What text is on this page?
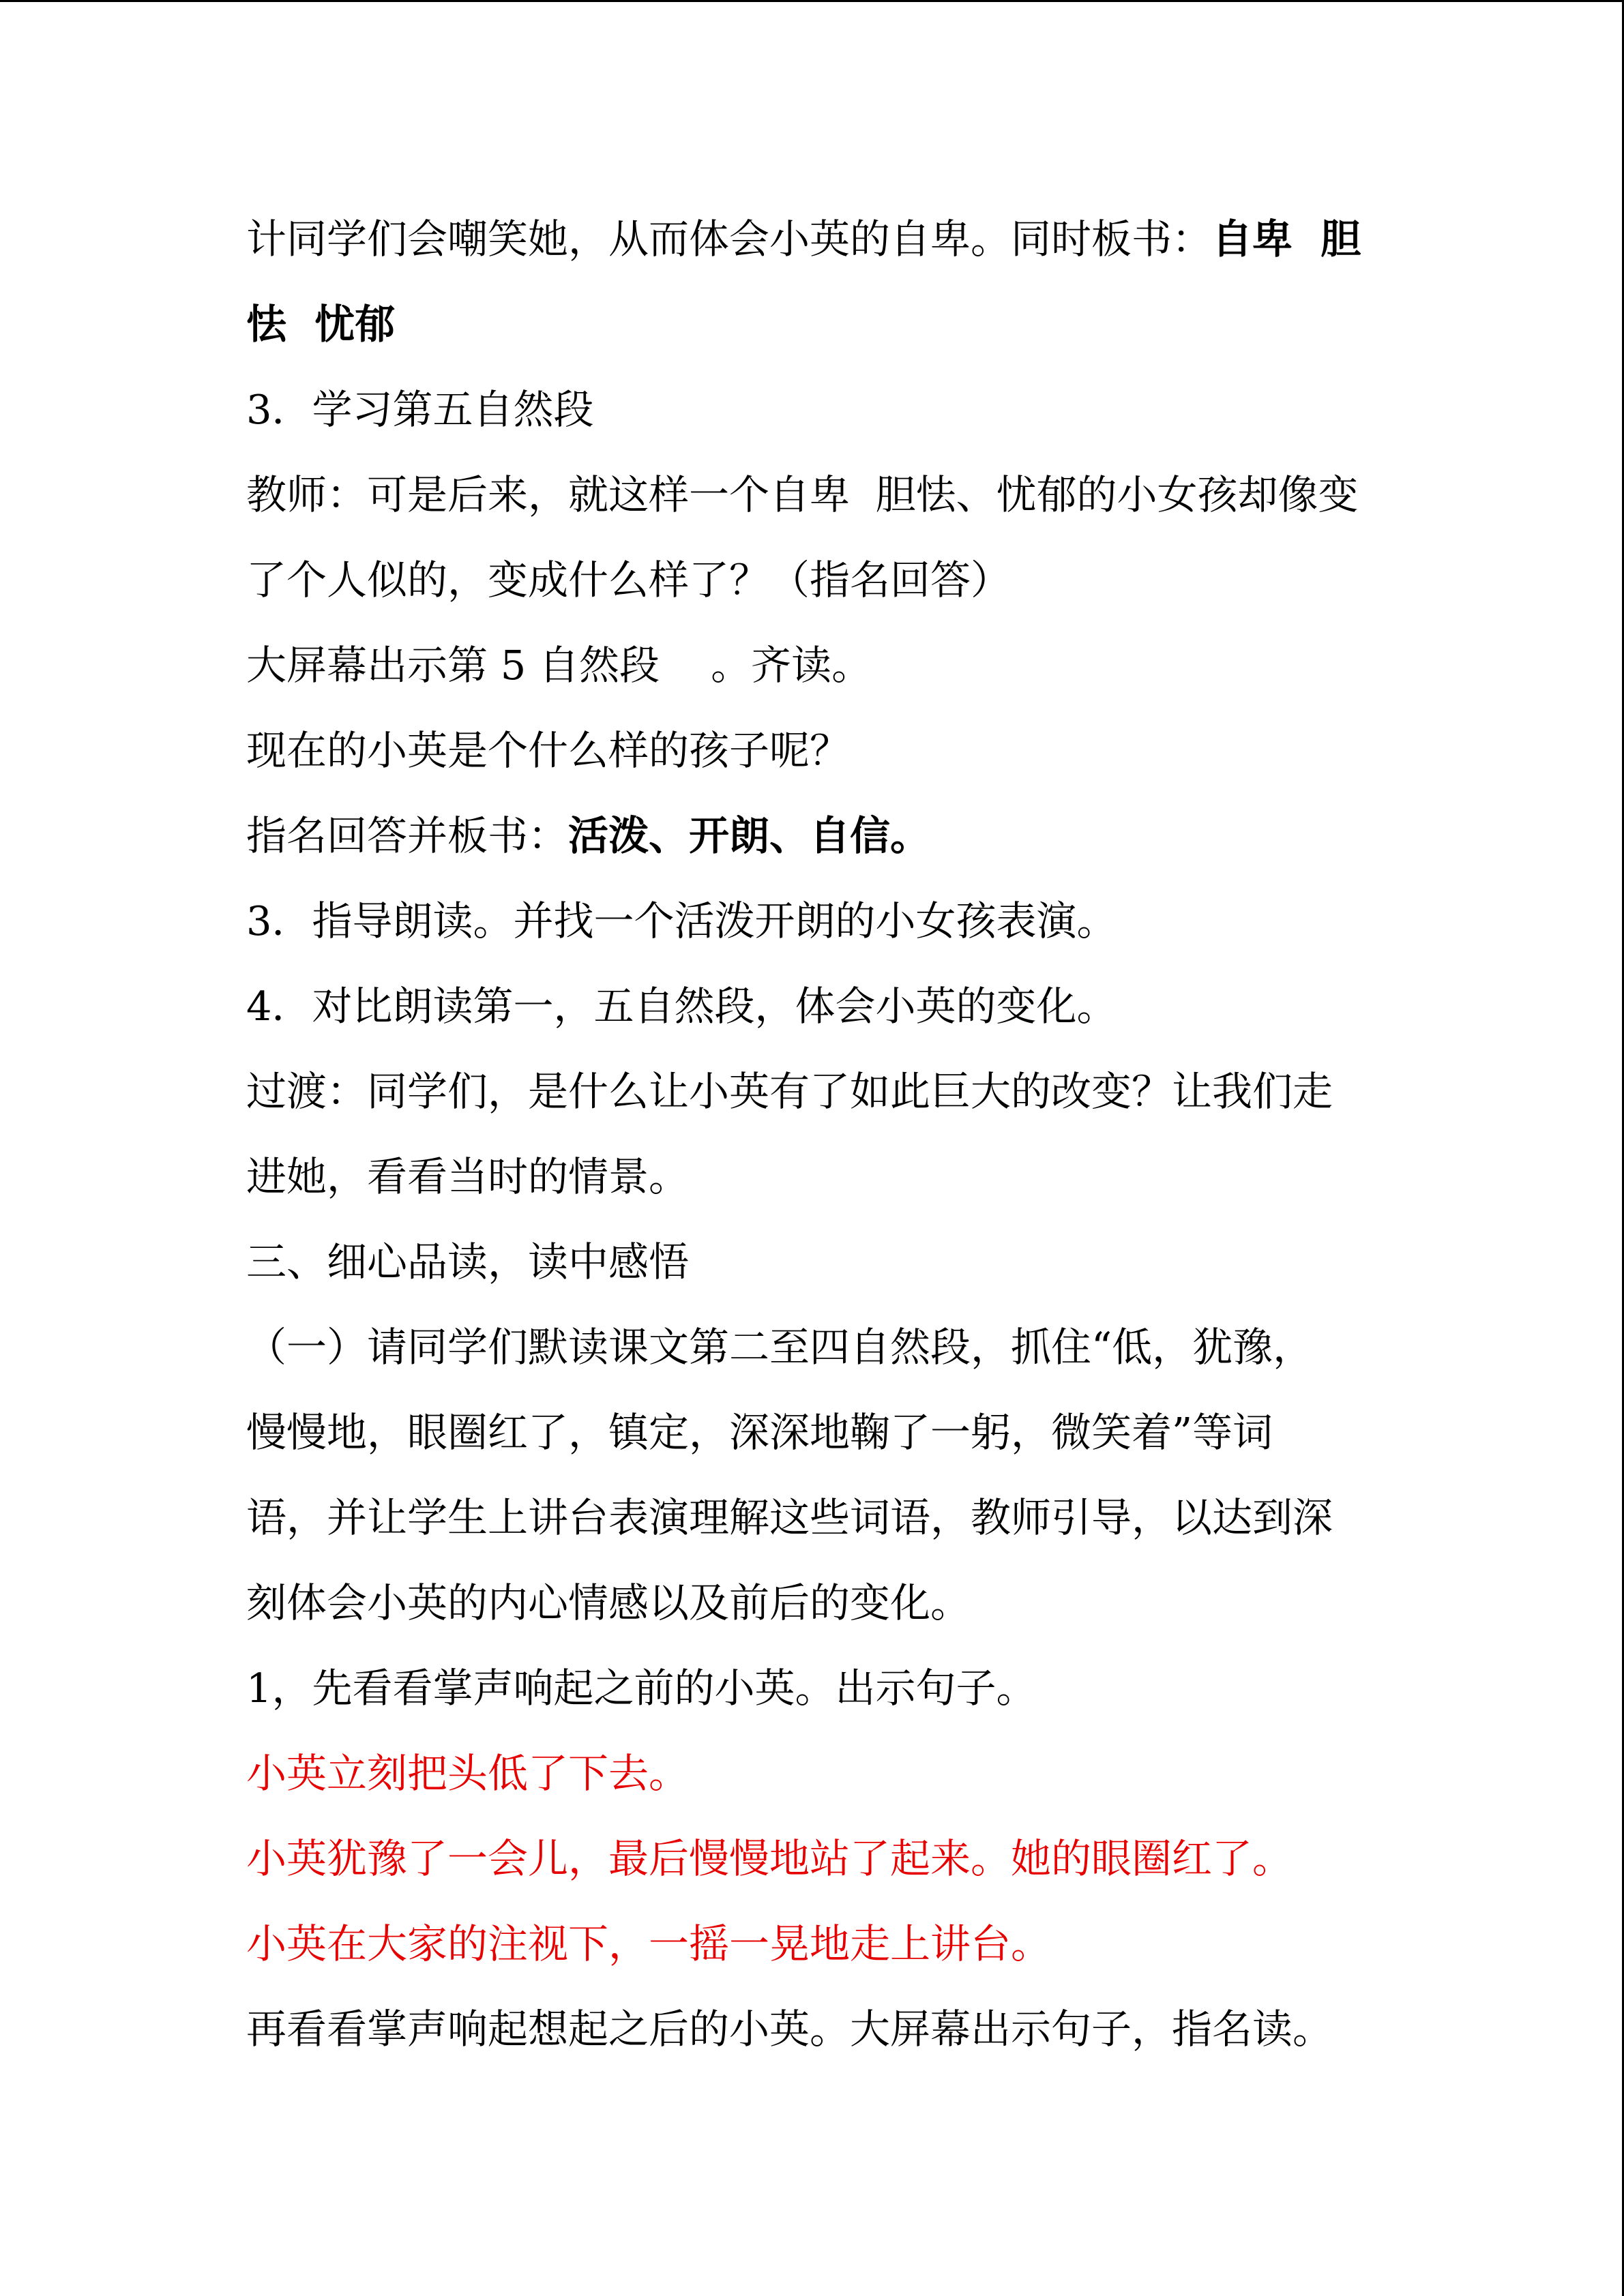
计同学们会嘲笑她，从而体会小英的自卑。同时板书： 自卑  胆
怯  忧郁
3．学习第五自然段
教师：可是后来，就这样一个自卑  胆怯、忧郁的小女孩却像变
了个人似的，变成什么样了？（指名回答）
大屏幕出示第 5 自然段    。齐读。
现在的小英是个什么样的孩子呢？
指名回答并板书： 活泼、开朗、自信。
3．指导朗读。并找一个活泼开朗的小女孩表演。
4．对比朗读第一，五自然段，体会小英的变化。
过渡：同学们，是什么让小英有了如此巨大的改变？让我们走
进她，看看当时的情景。
三、细心品读，读中感悟
（一）请同学们默读课文第二至四自然段，抓住“低，犹豫，
慢慢地，眼圈红了，镇定，深深地鞠了一躬，微笑着”等词
语，并让学生上讲台表演理解这些词语，教师引导，以达到深
刻体会小英的内心情感以及前后的变化。
1，先看看掌声响起之前的小英。出示句子。
小英立刻把头低了下去。
小英犹豫了一会儿，最后慢慢地站了起来。她的眼圈红了。
小英在大家的注视下，一摇一晃地走上讲台。
再看看掌声响起想起之后的小英。大屏幕出示句子，指名读。
